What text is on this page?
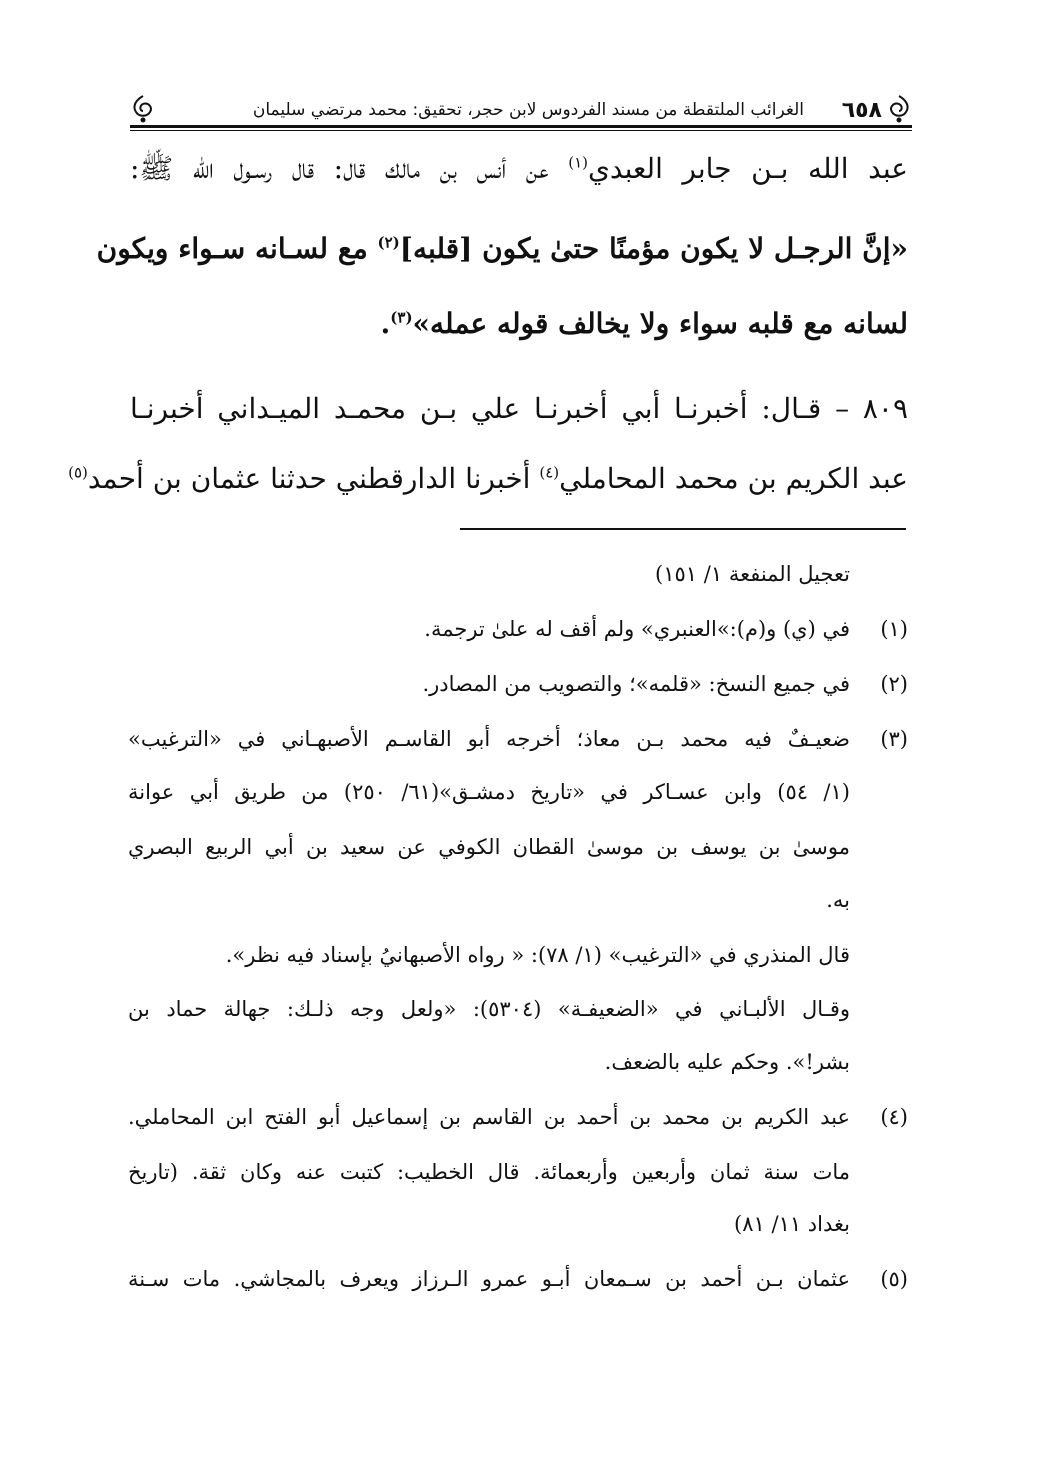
٦٥٨
الغرائب الملتقطة من مسند الفردوس لابن حجر، تحقيق: محمد مرتضي سليمان
عبد الله بـن جابر العبدي$^{(١)}$ عن أنس بن مالك قال: قال رسـول الله ﷺ:
«إنَّ الرجـل لا يكون مؤمنًا حتىٰ يكون [قلبه]$^{(٢)}$ مع لسـانه سـواء ويكون
لسانه مع قلبه سواء ولا يخالف قوله عمله»$^{(٣)}$.
٨٠٩ – قـال: أخبرنـا أبي أخبرنـا علي بـن محمـد الميـداني أخبرنـا
عبد الكريم بن محمد المحاملي$^{(٤)}$ أخبرنا الدارقطني حدثنا عثمان بن أحمد$^{(٥)}$
تعجيل المنفعة ١/ ١٥١)
(١)
في (ي) و(م):»العنبري» ولم أقف له علىٰ ترجمة.
(٢)
في جميع النسخ: «قلمه»؛ والتصويب من المصادر.
(٣)
ضعيـفٌ فيه محمد بـن معاذ؛ أخرجه أبو القاسـم الأصبهـاني في «الترغيب»
(١/ ٥٤) وابن عسـاكر في «تاريخ دمشـق»(٦١/ ٢٥٠) من طريق أبي عوانة
موسىٰ بن يوسف بن موسىٰ القطان الكوفي عن سعيد بن أبي الربيع البصري
به.
قال المنذري في «الترغيب» (١/ ٧٨): « رواه الأصبهانيُ بإسناد فيه نظر».
وقـال الألبـاني في «الضعيفـة» (٥٣٠٤): «ولعل وجه ذلـك: جهالة حماد بن
بشر!». وحكم عليه بالضعف.
(٤)
عبد الكريم بن محمد بن أحمد بن القاسم بن إسماعيل أبو الفتح ابن المحاملي.
مات سنة ثمان وأربعين وأربعمائة. قال الخطيب: كتبت عنه وكان ثقة. (تاريخ
بغداد ١١/ ٨١)
(٥)
عثمان بـن أحمد بن سـمعان أبـو عمرو الـرزاز ويعرف بالمجاشي. مات سـنة
